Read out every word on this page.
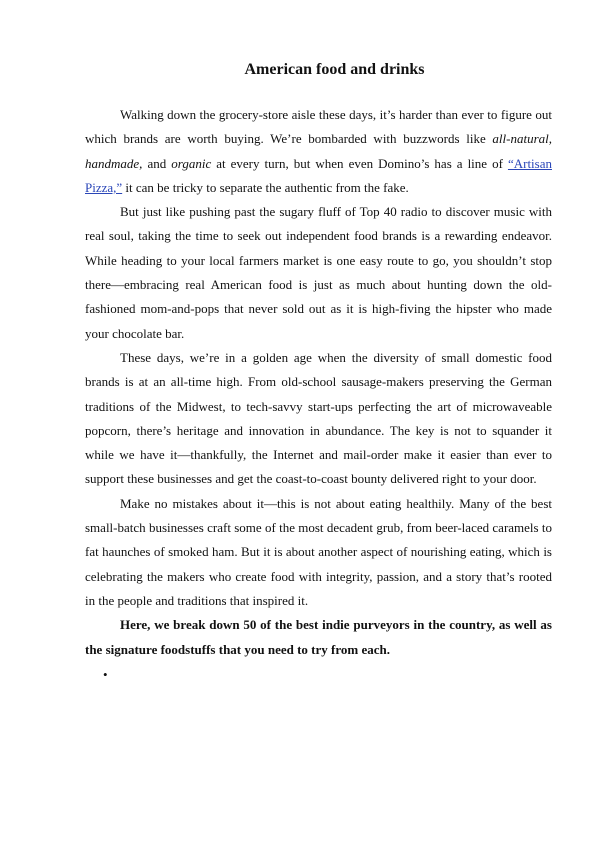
American food and drinks

Walking down the grocery-store aisle these days, it’s harder than ever to figure out which brands are worth buying. We’re bombarded with buzzwords like all-natural, handmade, and organic at every turn, but when even Domino’s has a line of “Artisan Pizza,” it can be tricky to separate the authentic from the fake.

But just like pushing past the sugary fluff of Top 40 radio to discover music with real soul, taking the time to seek out independent food brands is a rewarding endeavor. While heading to your local farmers market is one easy route to go, you shouldn’t stop there—embracing real American food is just as much about hunting down the old-fashioned mom-and-pops that never sold out as it is high-fiving the hipster who made your chocolate bar.

These days, we’re in a golden age when the diversity of small domestic food brands is at an all-time high. From old-school sausage-makers preserving the German traditions of the Midwest, to tech-savvy start-ups perfecting the art of microwaveable popcorn, there’s heritage and innovation in abundance. The key is not to squander it while we have it—thankfully, the Internet and mail-order make it easier than ever to support these businesses and get the coast-to-coast bounty delivered right to your door.

Make no mistakes about it—this is not about eating healthily. Many of the best small-batch businesses craft some of the most decadent grub, from beer-laced caramels to fat haunches of smoked ham. But it is about another aspect of nourishing eating, which is celebrating the makers who create food with integrity, passion, and a story that’s rooted in the people and traditions that inspired it.

Here, we break down 50 of the best indie purveyors in the country, as well as the signature foodstuffs that you need to try from each.

•
